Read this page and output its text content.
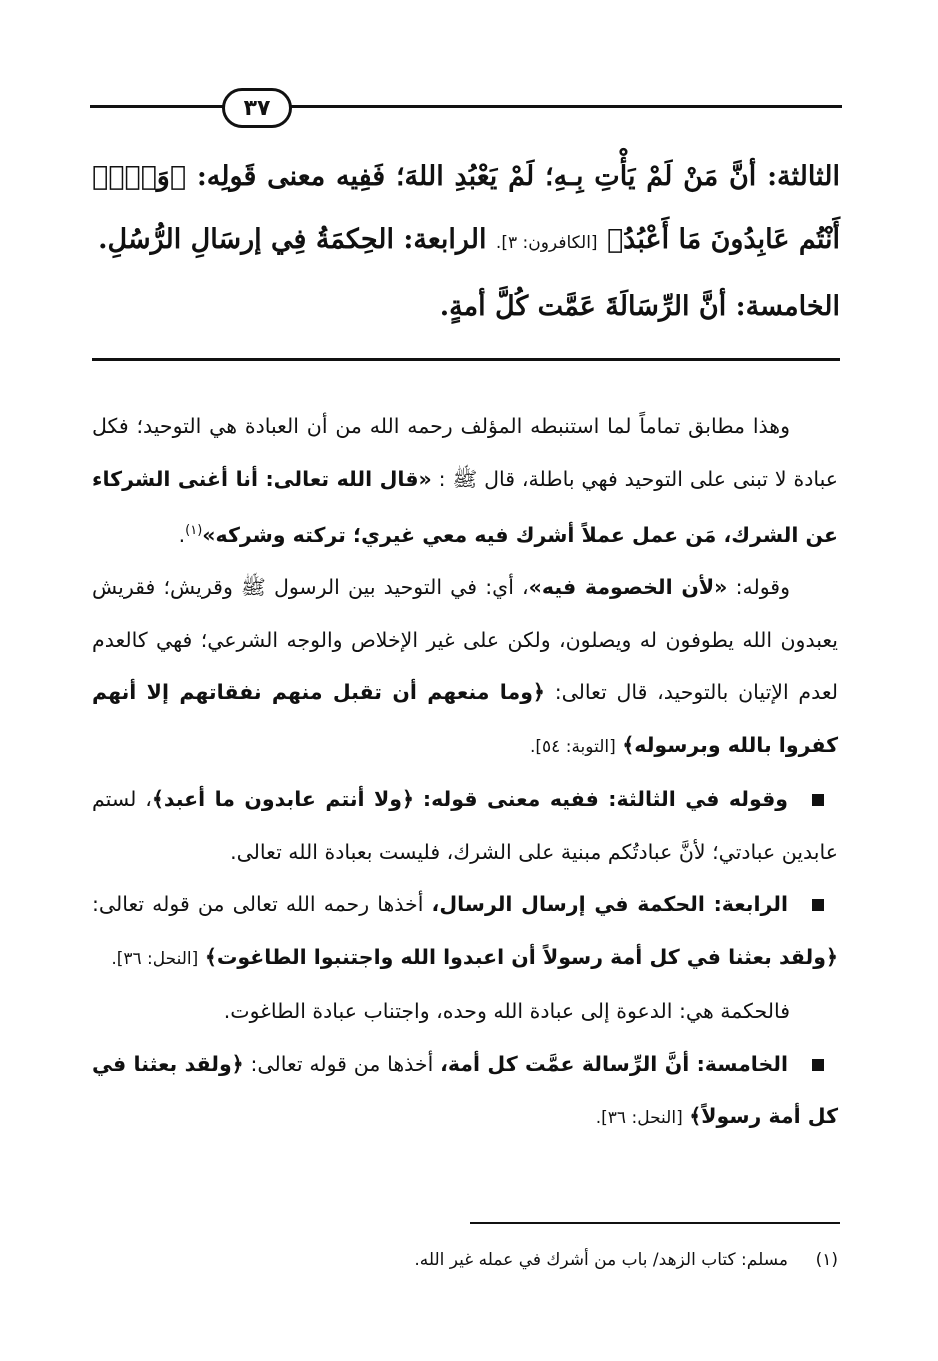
٣٧
الثالثة: أنَّ مَنْ لَمْ يَأْتِ بِـهِ؛ لَمْ يَعْبُدِ اللهَ؛ فَفِيه معنى قَولِه: ﴿وَلَاۤ أَنْتُم عَابِدُونَ مَا أَعْبُدُ﴾ [الكافرون: ٣]. الرابعة: الحِكمَةُ فِي إرسَالِ الرُّسُلِ.
الخامسة: أنَّ الرِّسَالَةَ عَمَّت كُلَّ أمةٍ.

وهذا مطابق تماماً لما استنبطه المؤلف رحمه الله من أن العبادة هي التوحيد؛ فكل عبادة لا تبنى على التوحيد فهي باطلة، قال ﷺ : «قال الله تعالى: أنا أغنى الشركاء عن الشرك، مَن عمل عملاً أشرك فيه معي غيري؛ تركته وشركه»$^{(١)}$.

وقوله: «لأن الخصومة فيه»، أي: في التوحيد بين الرسول ﷺ وقريش؛ فقريش يعبدون الله يطوفون له ويصلون، ولكن على غير الإخلاص والوجه الشرعي؛ فهي كالعدم لعدم الإتيان بالتوحيد، قال تعالى: ﴿وما منعهم أن تقبل منهم نفقاتهم إلا أنهم كفروا بالله وبرسوله﴾ [التوبة: ٥٤].

وقوله في الثالثة: ففيه معنى قوله: ﴿ولا أنتم عابدون ما أعبد﴾، لستم عابدين عبادتي؛ لأنَّ عبادتُكم مبنية على الشرك، فليست بعبادة الله تعالى.

الرابعة: الحكمة في إرسال الرسال، أخذها رحمه الله تعالى من قوله تعالى: ﴿ولقد بعثنا في كل أمة رسولاً أن اعبدوا الله واجتنبوا الطاغوت﴾ [النحل: ٣٦].

فالحكمة هي: الدعوة إلى عبادة الله وحده، واجتناب عبادة الطاغوت.

الخامسة: أنَّ الرِّسالة عمَّت كل أمة، أخذها من قوله تعالى: ﴿ولقد بعثنا في كل أمة رسولاً﴾ [النحل: ٣٦].

(١)مسلم: كتاب الزهد/ باب من أشرك في عمله غير الله.
